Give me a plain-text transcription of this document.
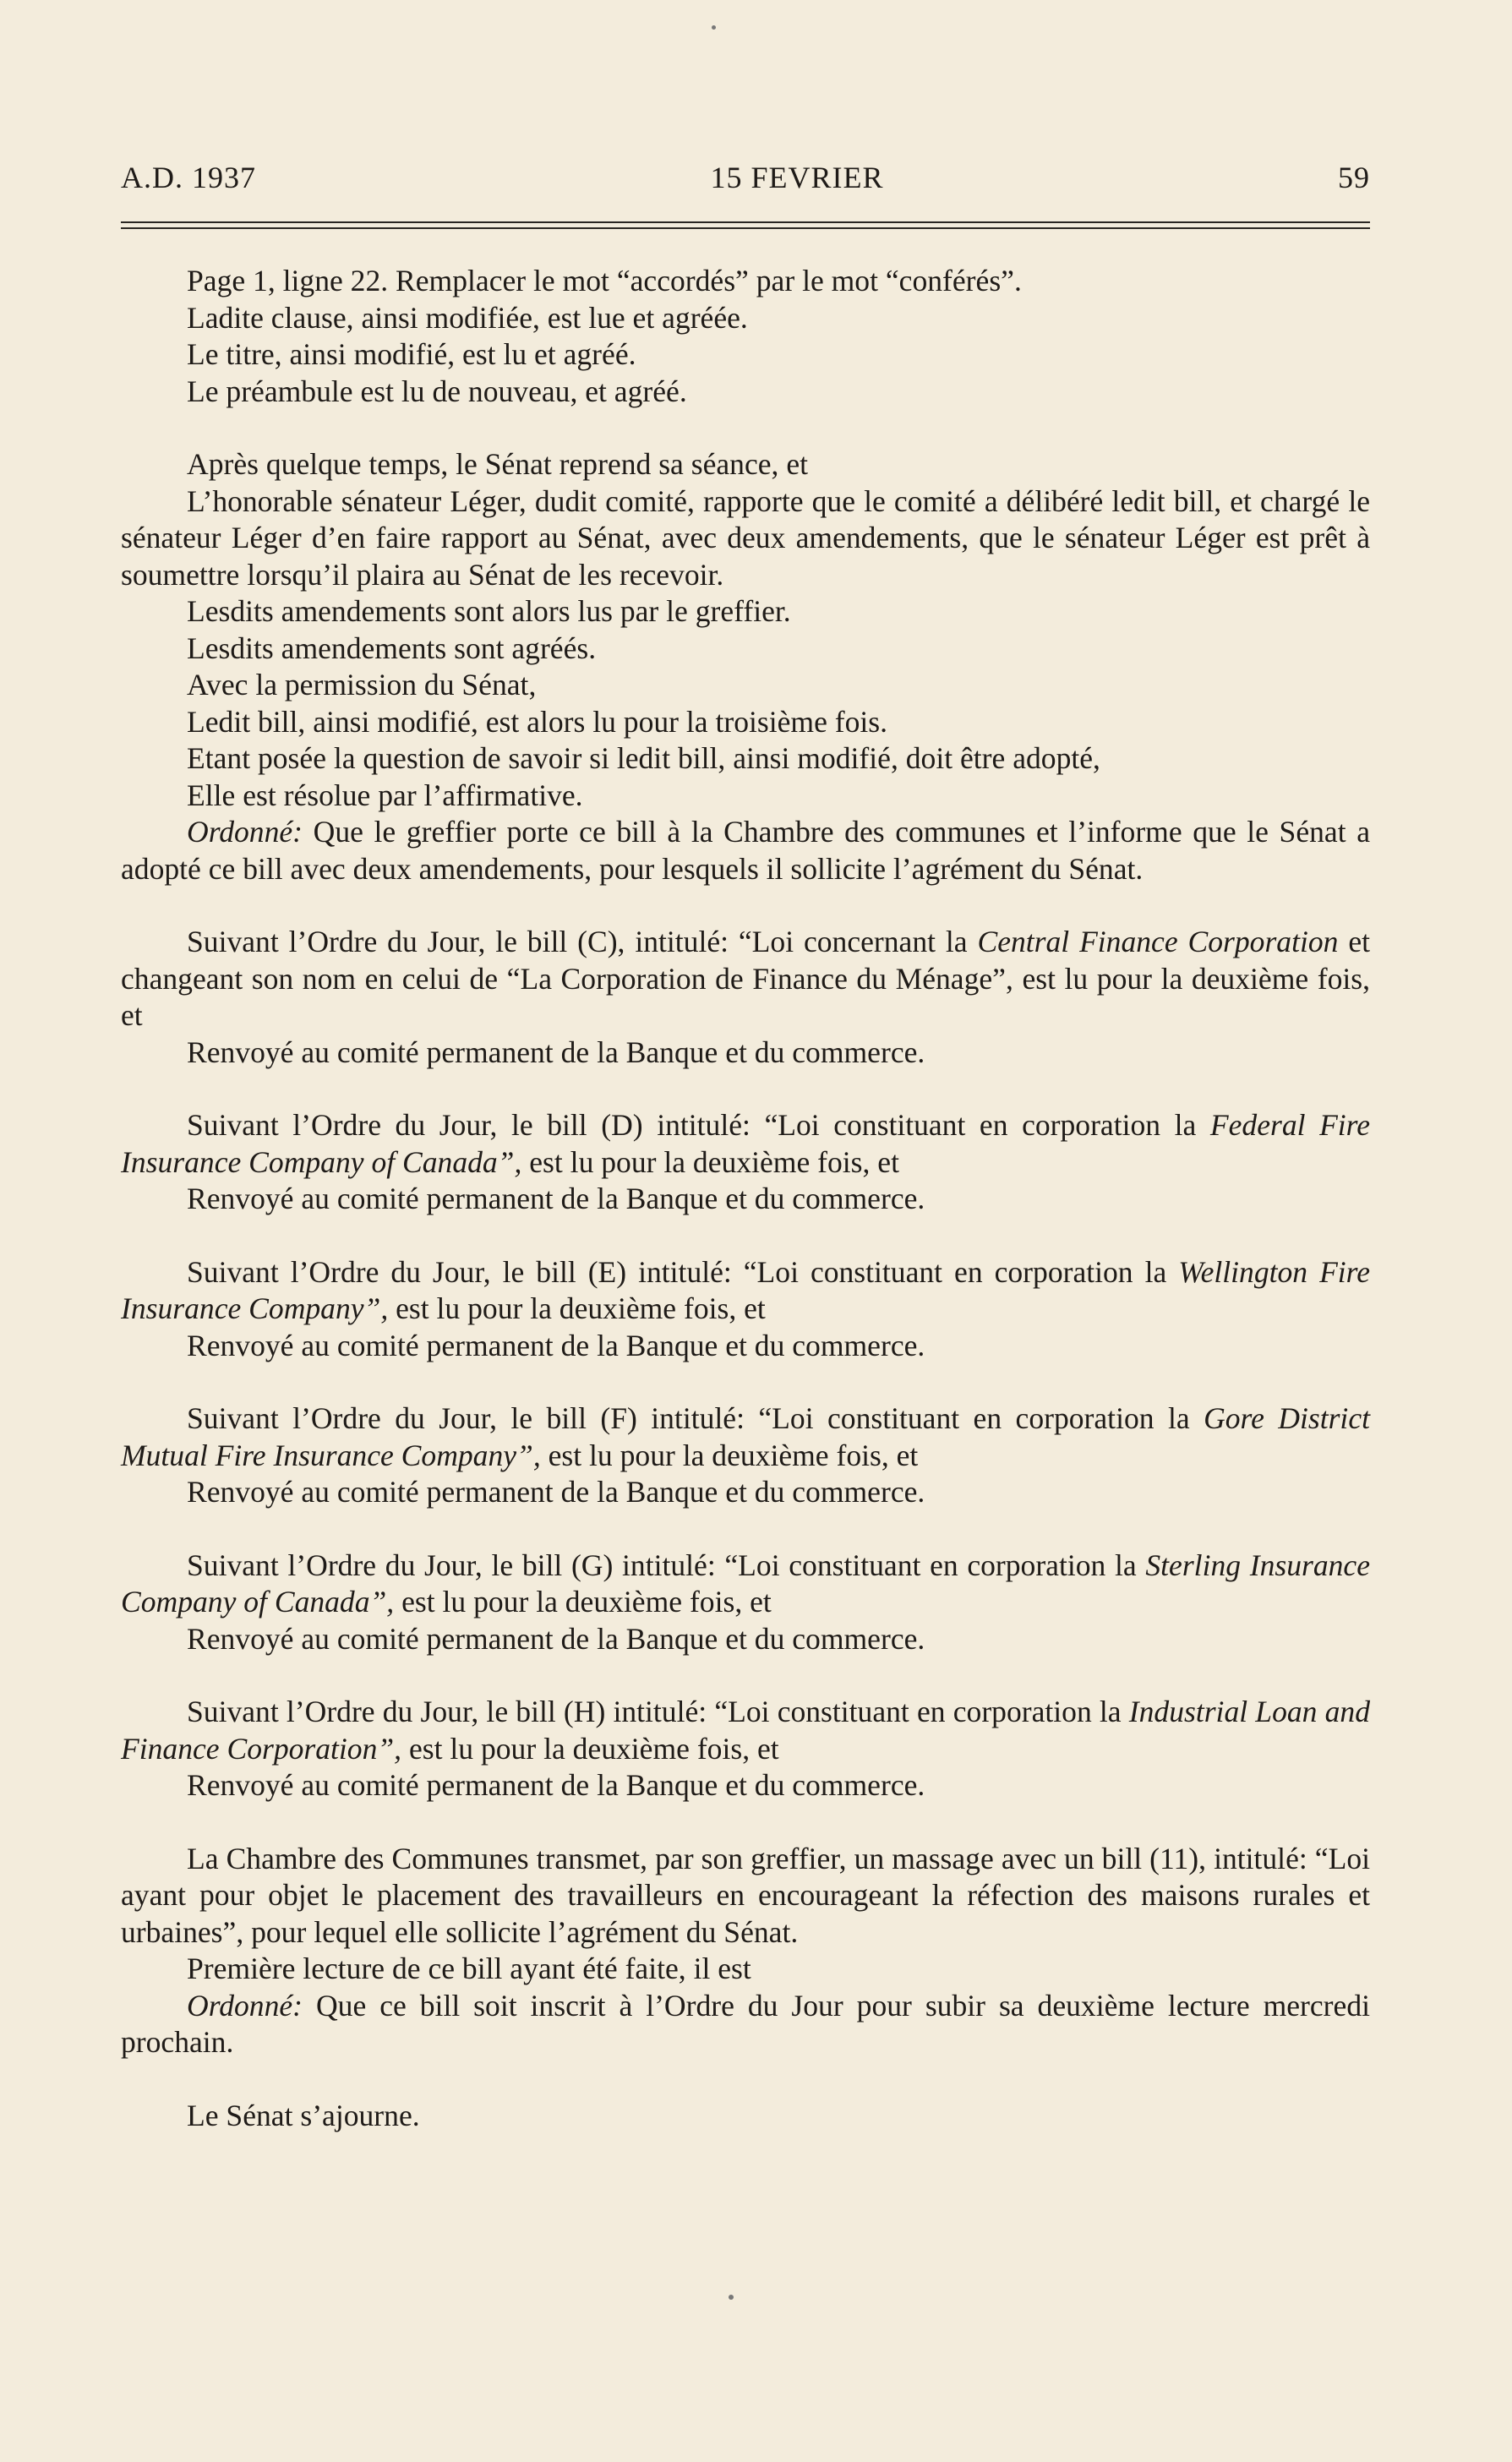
A.D. 1937	15 FEVRIER	59

Page 1, ligne 22. Remplacer le mot “accordés” par le mot “conférés”.

Ladite clause, ainsi modifiée, est lue et agréée.

Le titre, ainsi modifié, est lu et agréé.

Le préambule est lu de nouveau, et agréé.

Après quelque temps, le Sénat reprend sa séance, et

L’honorable sénateur Léger, dudit comité, rapporte que le comité a délibéré ledit bill, et chargé le sénateur Léger d’en faire rapport au Sénat, avec deux amendements, que le sénateur Léger est prêt à soumettre lorsqu’il plaira au Sénat de les recevoir.

Lesdits amendements sont alors lus par le greffier.

Lesdits amendements sont agréés.

Avec la permission du Sénat,

Ledit bill, ainsi modifié, est alors lu pour la troisième fois.

Etant posée la question de savoir si ledit bill, ainsi modifié, doit être adopté,

Elle est résolue par l’affirmative.

Ordonné: Que le greffier porte ce bill à la Chambre des communes et l’informe que le Sénat a adopté ce bill avec deux amendements, pour lesquels il sollicite l’agrément du Sénat.

Suivant l’Ordre du Jour, le bill (C), intitulé: “Loi concernant la Central Finance Corporation et changeant son nom en celui de “La Corporation de Finance du Ménage”, est lu pour la deuxième fois, et

Renvoyé au comité permanent de la Banque et du commerce.

Suivant l’Ordre du Jour, le bill (D) intitulé: “Loi constituant en corporation la Federal Fire Insurance Company of Canada”, est lu pour la deuxième fois, et

Renvoyé au comité permanent de la Banque et du commerce.

Suivant l’Ordre du Jour, le bill (E) intitulé: “Loi constituant en corporation la Wellington Fire Insurance Company”, est lu pour la deuxième fois, et

Renvoyé au comité permanent de la Banque et du commerce.

Suivant l’Ordre du Jour, le bill (F) intitulé: “Loi constituant en corporation la Gore District Mutual Fire Insurance Company”, est lu pour la deuxième fois, et

Renvoyé au comité permanent de la Banque et du commerce.

Suivant l’Ordre du Jour, le bill (G) intitulé: “Loi constituant en corporation la Sterling Insurance Company of Canada”, est lu pour la deuxième fois, et

Renvoyé au comité permanent de la Banque et du commerce.

Suivant l’Ordre du Jour, le bill (H) intitulé: “Loi constituant en corporation la Industrial Loan and Finance Corporation”, est lu pour la deuxième fois, et

Renvoyé au comité permanent de la Banque et du commerce.

La Chambre des Communes transmet, par son greffier, un massage avec un bill (11), intitulé: “Loi ayant pour objet le placement des travailleurs en encourageant la réfection des maisons rurales et urbaines”, pour lequel elle sollicite l’agrément du Sénat.

Première lecture de ce bill ayant été faite, il est

Ordonné: Que ce bill soit inscrit à l’Ordre du Jour pour subir sa deuxième lecture mercredi prochain.

Le Sénat s’ajourne.
